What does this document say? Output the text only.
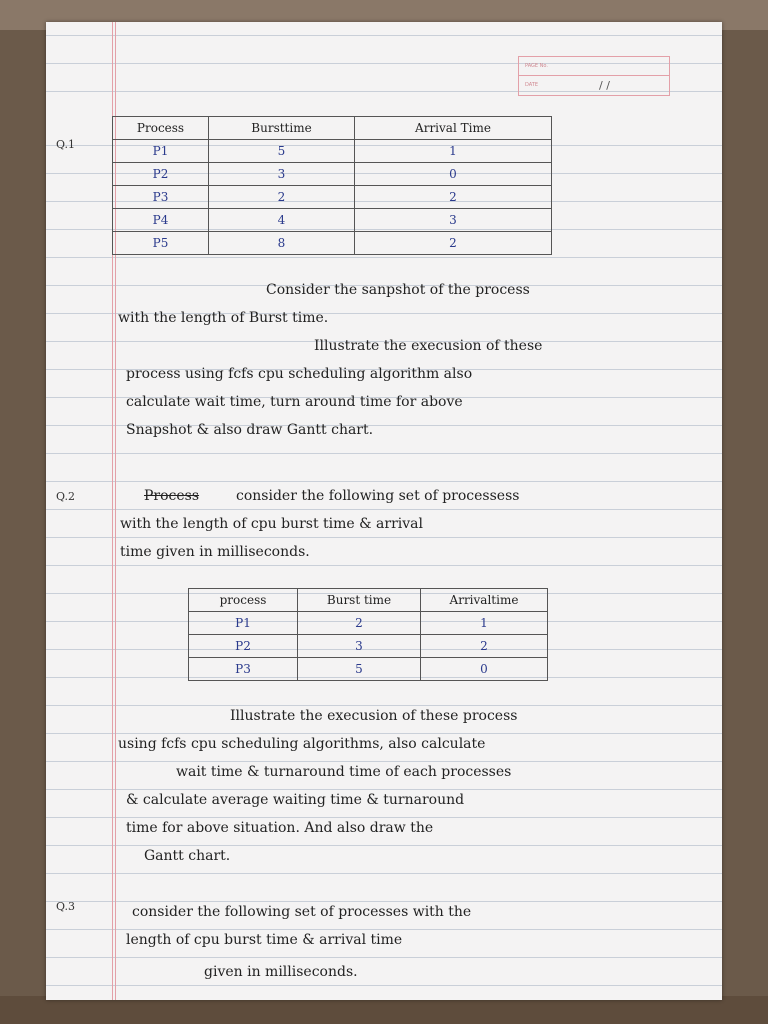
PAGE No.
DATE	/ /
Q.1
Process	Bursttime	Arrival Time
P1	5	1
P2	3	0
P3	2	2
P4	4	3
P5	8	2
Consider the sanpshot of the process
with the length of Burst time.
Illustrate the execusion of these
process using fcfs cpu scheduling algorithm also
calculate wait time, turn around time for above
Snapshot & also draw Gantt chart.
Q.2	Process	consider the following set of processess
with the length of cpu burst time & arrival
time given in milliseconds.
process	Burst time	Arrivaltime
P1	2	1
P2	3	2
P3	5	0
Illustrate the execusion of these process
using fcfs cpu scheduling algorithms, also calculate
wait time & turnaround time of each processes
& calculate average waiting time & turnaround
time for above situation. And also draw the
Gantt chart.
Q.3	consider the following set of processes with the
length of cpu burst time & arrival time
given in milliseconds.
